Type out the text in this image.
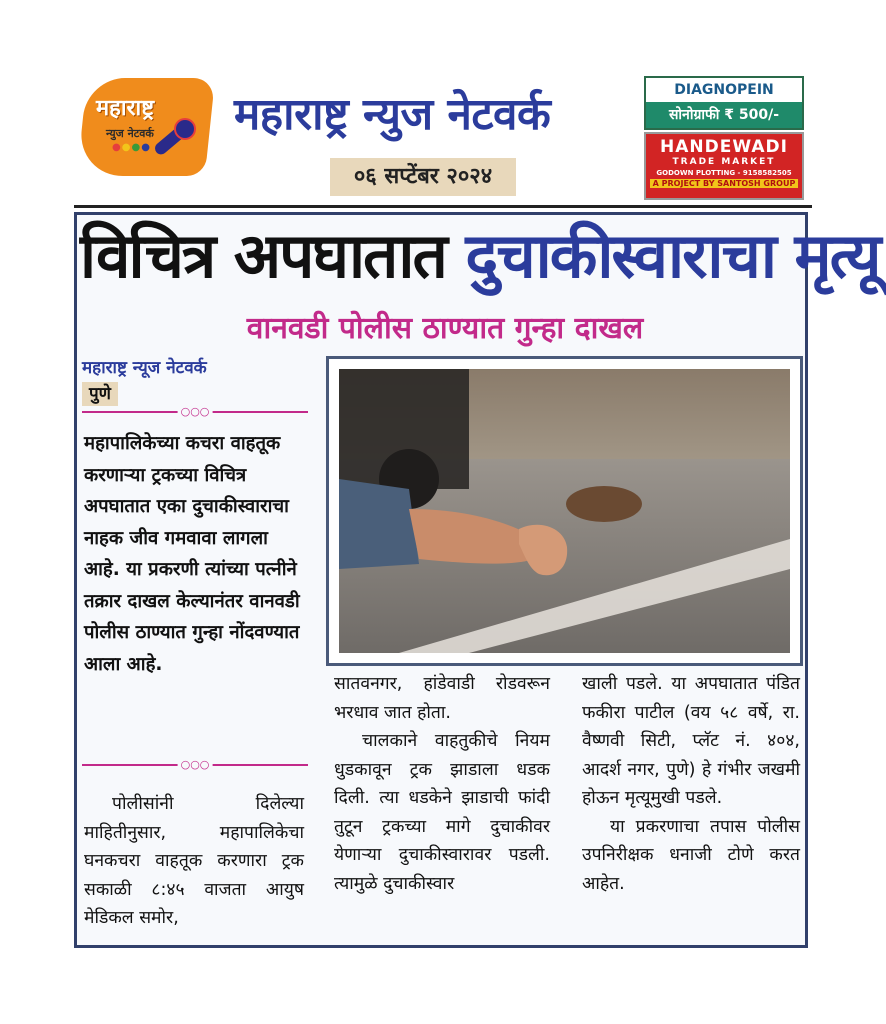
महाराष्ट्र
न्युज नेटवर्क
●●●●
महाराष्ट्र न्युज नेटवर्क
०६ सप्टेंबर २०२४
DIAGNOPEIN
सोनोग्राफी ₹ 500/-
HANDEWADI
TRADE MARKET
GODOWN PLOTTING - 9158582505
A PROJECT BY SANTOSH GROUP
विचित्र अपघातात दुचाकीस्वाराचा मृत्यू
वानवडी पोलीस ठाण्यात गुन्हा दाखल
महाराष्ट्र न्यूज नेटवर्क
पुणे
○○○
महापालिकेच्या कचरा वाहतूक करणाऱ्या ट्रकच्या विचित्र अपघातात एका दुचाकीस्वाराचा नाहक जीव गमवावा लागला आहे. या प्रकरणी त्यांच्या पत्नीने तक्रार दाखल केल्यानंतर वानवडी पोलीस ठाण्यात गुन्हा नोंदवण्यात आला आहे.
○○○
पोलीसांनी दिलेल्या माहितीनुसार, महापालिकेचा घनकचरा वाहतूक करणारा ट्रक सकाळी ८:४५ वाजता आयुष मेडिकल समोर,

सातवनगर, हांडेवाडी रोडवरून भरधाव जात होता.

चालकाने वाहतुकीचे नियम धुडकावून ट्रक झाडाला धडक दिली. त्या धडकेने झाडाची फांदी तुटून ट्रकच्या मागे दुचाकीवर येणाऱ्या दुचाकीस्वारावर पडली. त्यामुळे दुचाकीस्वार

खाली पडले. या अपघातात पंडित फकीरा पाटील (वय ५८ वर्षे, रा. वैष्णवी सिटी, प्लॅट नं. ४०४, आदर्श नगर, पुणे) हे गंभीर जखमी होऊन मृत्यूमुखी पडले.

या प्रकरणाचा तपास पोलीस उपनिरीक्षक धनाजी टोणे करत आहेत.
